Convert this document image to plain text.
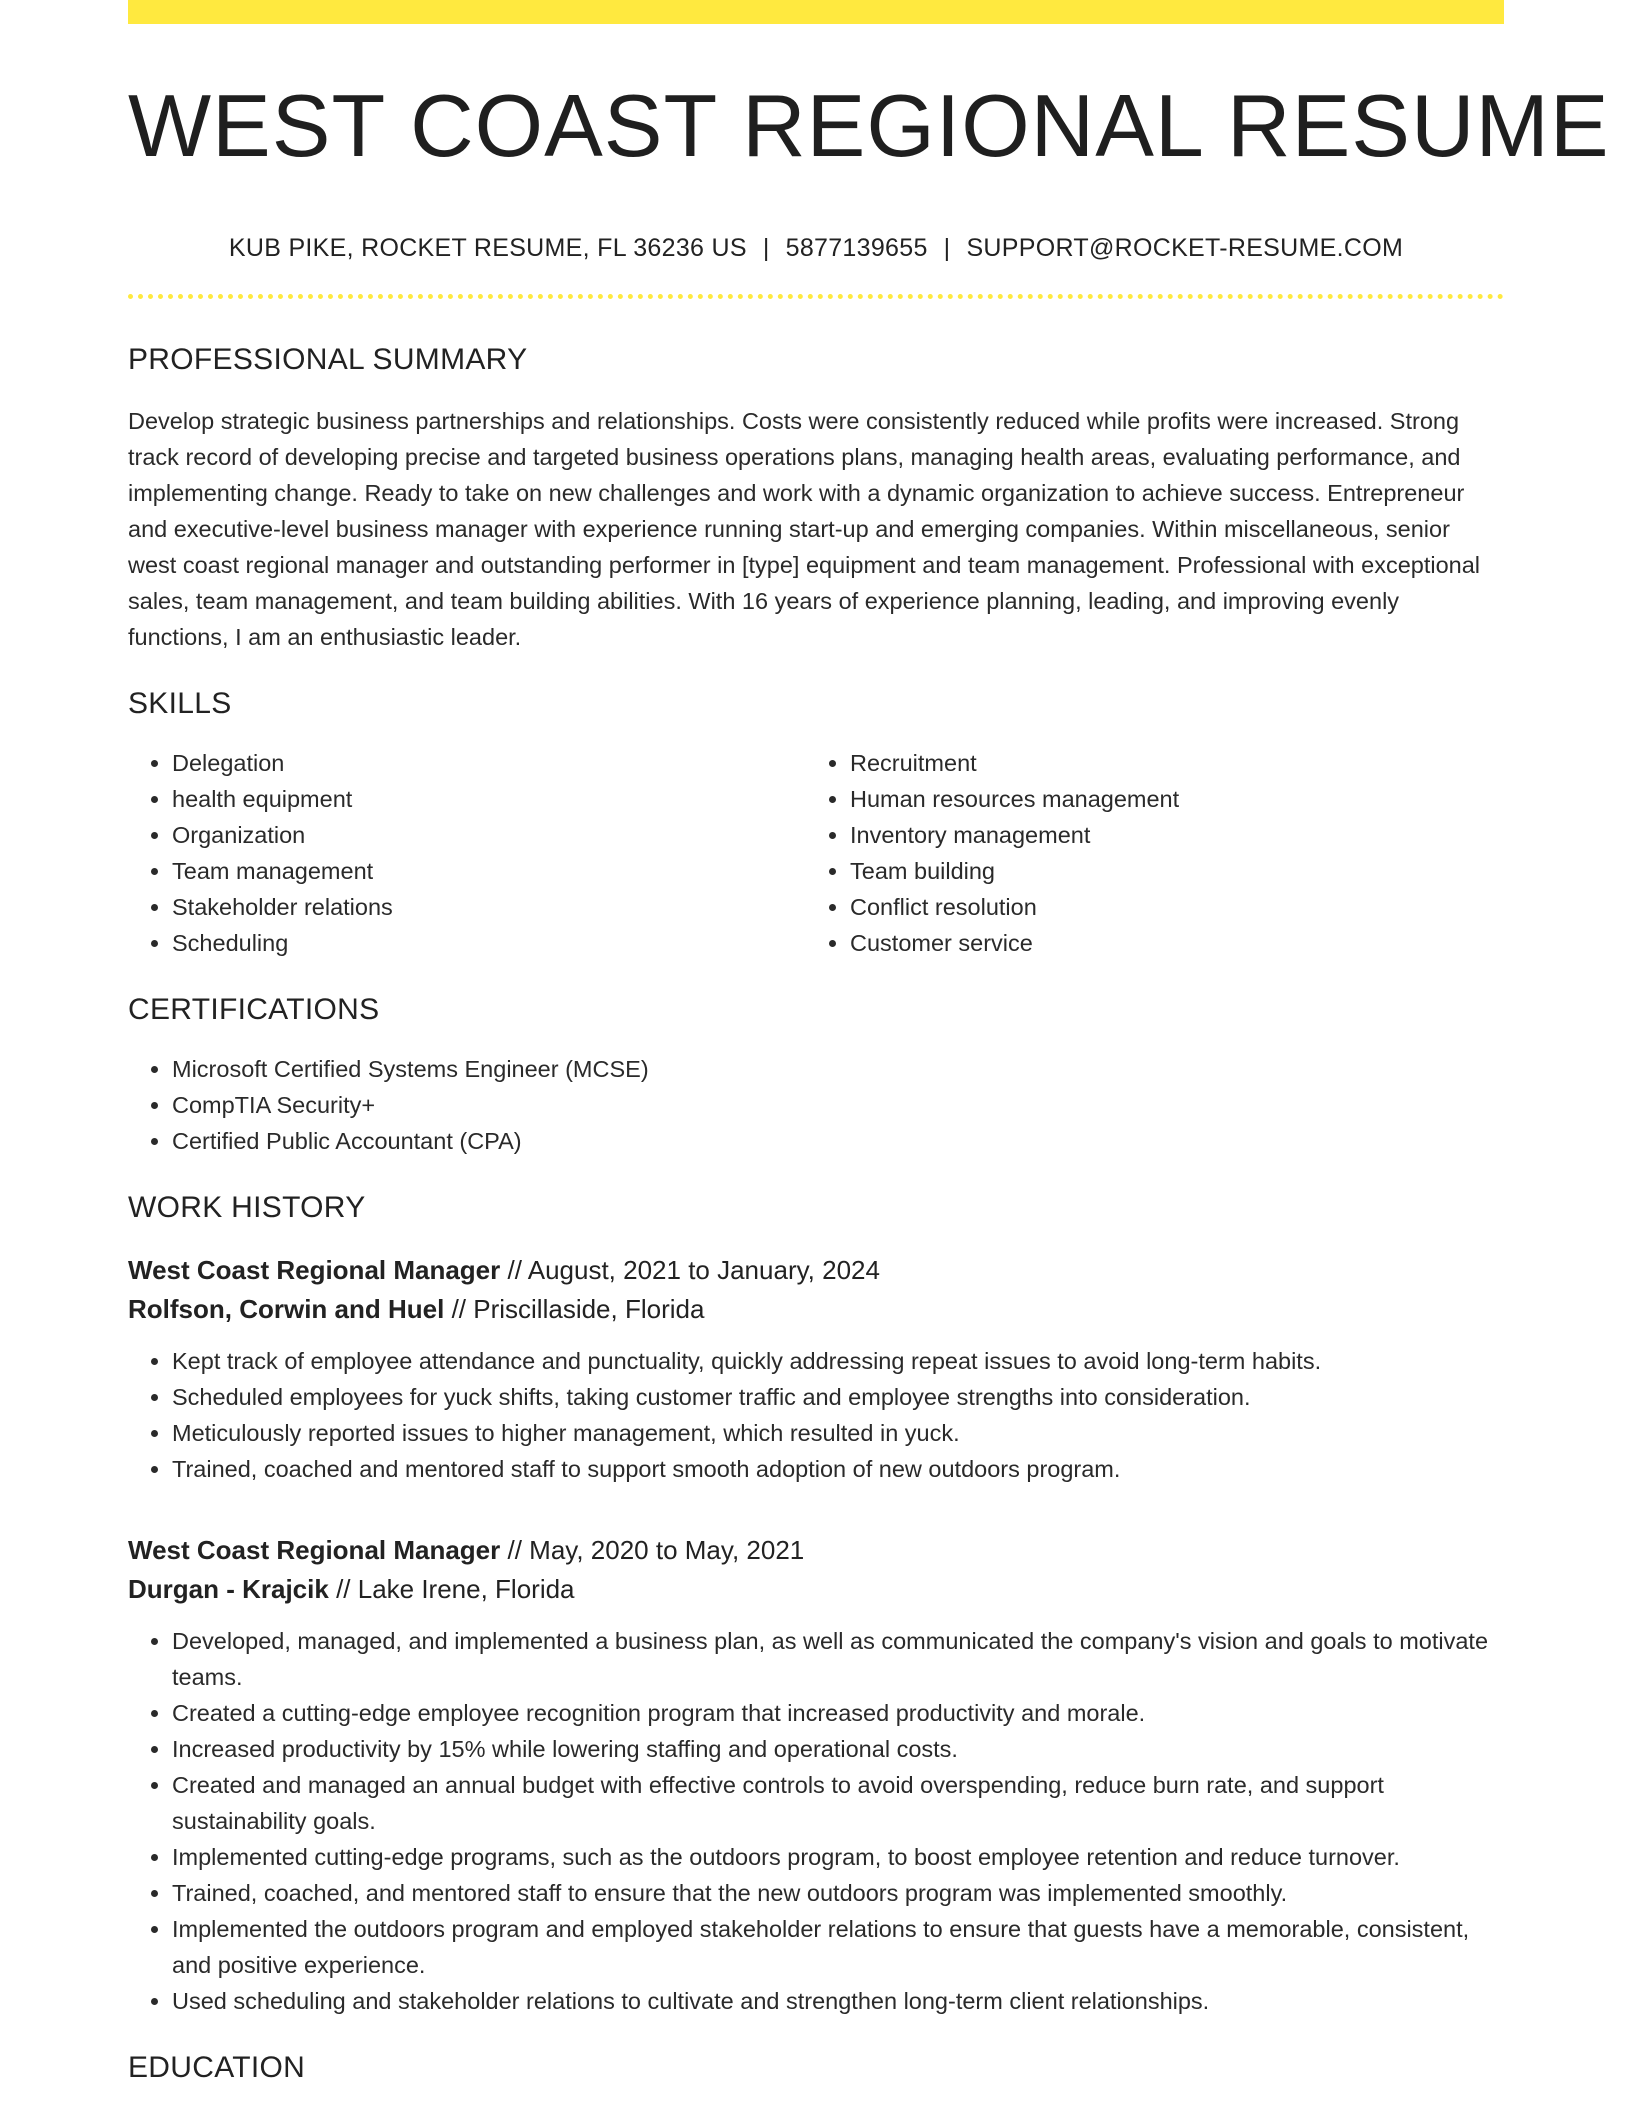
WEST COAST REGIONAL RESUME
KUB PIKE, ROCKET RESUME, FL 36236 US | 5877139655 | SUPPORT@ROCKET-RESUME.COM
PROFESSIONAL SUMMARY
Develop strategic business partnerships and relationships. Costs were consistently reduced while profits were increased. Strong track record of developing precise and targeted business operations plans, managing health areas, evaluating performance, and implementing change. Ready to take on new challenges and work with a dynamic organization to achieve success. Entrepreneur and executive-level business manager with experience running start-up and emerging companies. Within miscellaneous, senior west coast regional manager and outstanding performer in [type] equipment and team management. Professional with exceptional sales, team management, and team building abilities. With 16 years of experience planning, leading, and improving evenly functions, I am an enthusiastic leader.
SKILLS
• Delegation
• health equipment
• Organization
• Team management
• Stakeholder relations
• Scheduling
• Recruitment
• Human resources management
• Inventory management
• Team building
• Conflict resolution
• Customer service
CERTIFICATIONS
• Microsoft Certified Systems Engineer (MCSE)
• CompTIA Security+
• Certified Public Accountant (CPA)
WORK HISTORY
West Coast Regional Manager // August, 2021 to January, 2024
Rolfson, Corwin and Huel // Priscillaside, Florida
• Kept track of employee attendance and punctuality, quickly addressing repeat issues to avoid long-term habits.
• Scheduled employees for yuck shifts, taking customer traffic and employee strengths into consideration.
• Meticulously reported issues to higher management, which resulted in yuck.
• Trained, coached and mentored staff to support smooth adoption of new outdoors program.
West Coast Regional Manager // May, 2020 to May, 2021
Durgan - Krajcik // Lake Irene, Florida
• Developed, managed, and implemented a business plan, as well as communicated the company's vision and goals to motivate teams.
• Created a cutting-edge employee recognition program that increased productivity and morale.
• Increased productivity by 15% while lowering staffing and operational costs.
• Created and managed an annual budget with effective controls to avoid overspending, reduce burn rate, and support sustainability goals.
• Implemented cutting-edge programs, such as the outdoors program, to boost employee retention and reduce turnover.
• Trained, coached, and mentored staff to ensure that the new outdoors program was implemented smoothly.
• Implemented the outdoors program and employed stakeholder relations to ensure that guests have a memorable, consistent, and positive experience.
• Used scheduling and stakeholder relations to cultivate and strengthen long-term client relationships.
EDUCATION
